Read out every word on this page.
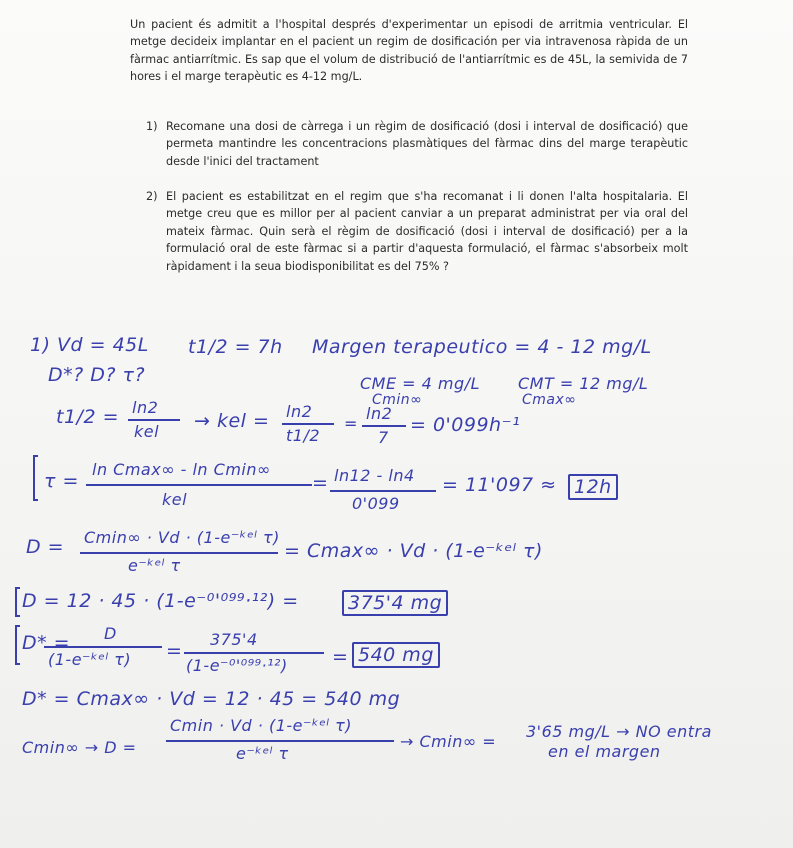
Un pacient és admitit a l'hospital després d'experimentar un episodi de arritmia ventricular. El metge decideix implantar en el pacient un regim de dosificación per via intravenosa ràpida de un fàrmac antiarrítmic. Es sap que el volum de distribució de l'antiarrítmic es de 45L, la semivida de 7 hores i el marge terapèutic es 4-12 mg/L.

1) Recomane una dosi de càrrega i un règim de dosificació (dosi i interval de dosificació) que permeta mantindre les concentracions plasmàtiques del fàrmac dins del marge terapèutic desde l'inici del tractament
2) El pacient es estabilitzat en el regim que s'ha recomanat i li donen l'alta hospitalaria. El metge creu que es millor per al pacient canviar a un preparat administrat per via oral del mateix fàrmac. Quin serà el règim de dosificació (dosi i interval de dosificació) per a la formulació oral de este fàrmac si a partir d'aquesta formulació, el fàrmac s'absorbeix molt ràpidament i la seua biodisponibilitat es del 75% ?
1) Vd = 45L t1/2 = 7h Margen terapeutico = 4 - 12 mg/L
D*? D? τ?	CME = 4 mg/L CMT = 12 mg/L
Cmin∞	Cmax∞
t1/2 = ln2
kel → kel = ln2
t1/2
=
ln2
7
= 0'099h⁻¹
τ =
ln Cmax∞ - ln Cmin∞
kel
= ln12 - ln4
0'099
= 11'097 ≈ 12h
D = Cmin∞ · Vd · (1-e⁻ᵏᵉˡ τ)
e⁻ᵏᵉˡ τ
= Cmax∞ · Vd · (1-e⁻ᵏᵉˡ τ)
D = 12 · 45 · (1-e⁻⁰'⁰⁹⁹·¹²) =	375'4 mg
D* = D
(1-e⁻ᵏᵉˡ τ) =
375'4
(1-e⁻⁰'⁰⁹⁹·¹²) = 540 mg
D* = Cmax∞ · Vd = 12 · 45 = 540 mg
Cmin∞ → D =
Cmin · Vd · (1-e⁻ᵏᵉˡ τ)
e⁻ᵏᵉˡ τ
→ Cmin∞ =
3'65 mg/L → NO entra
en el margen
